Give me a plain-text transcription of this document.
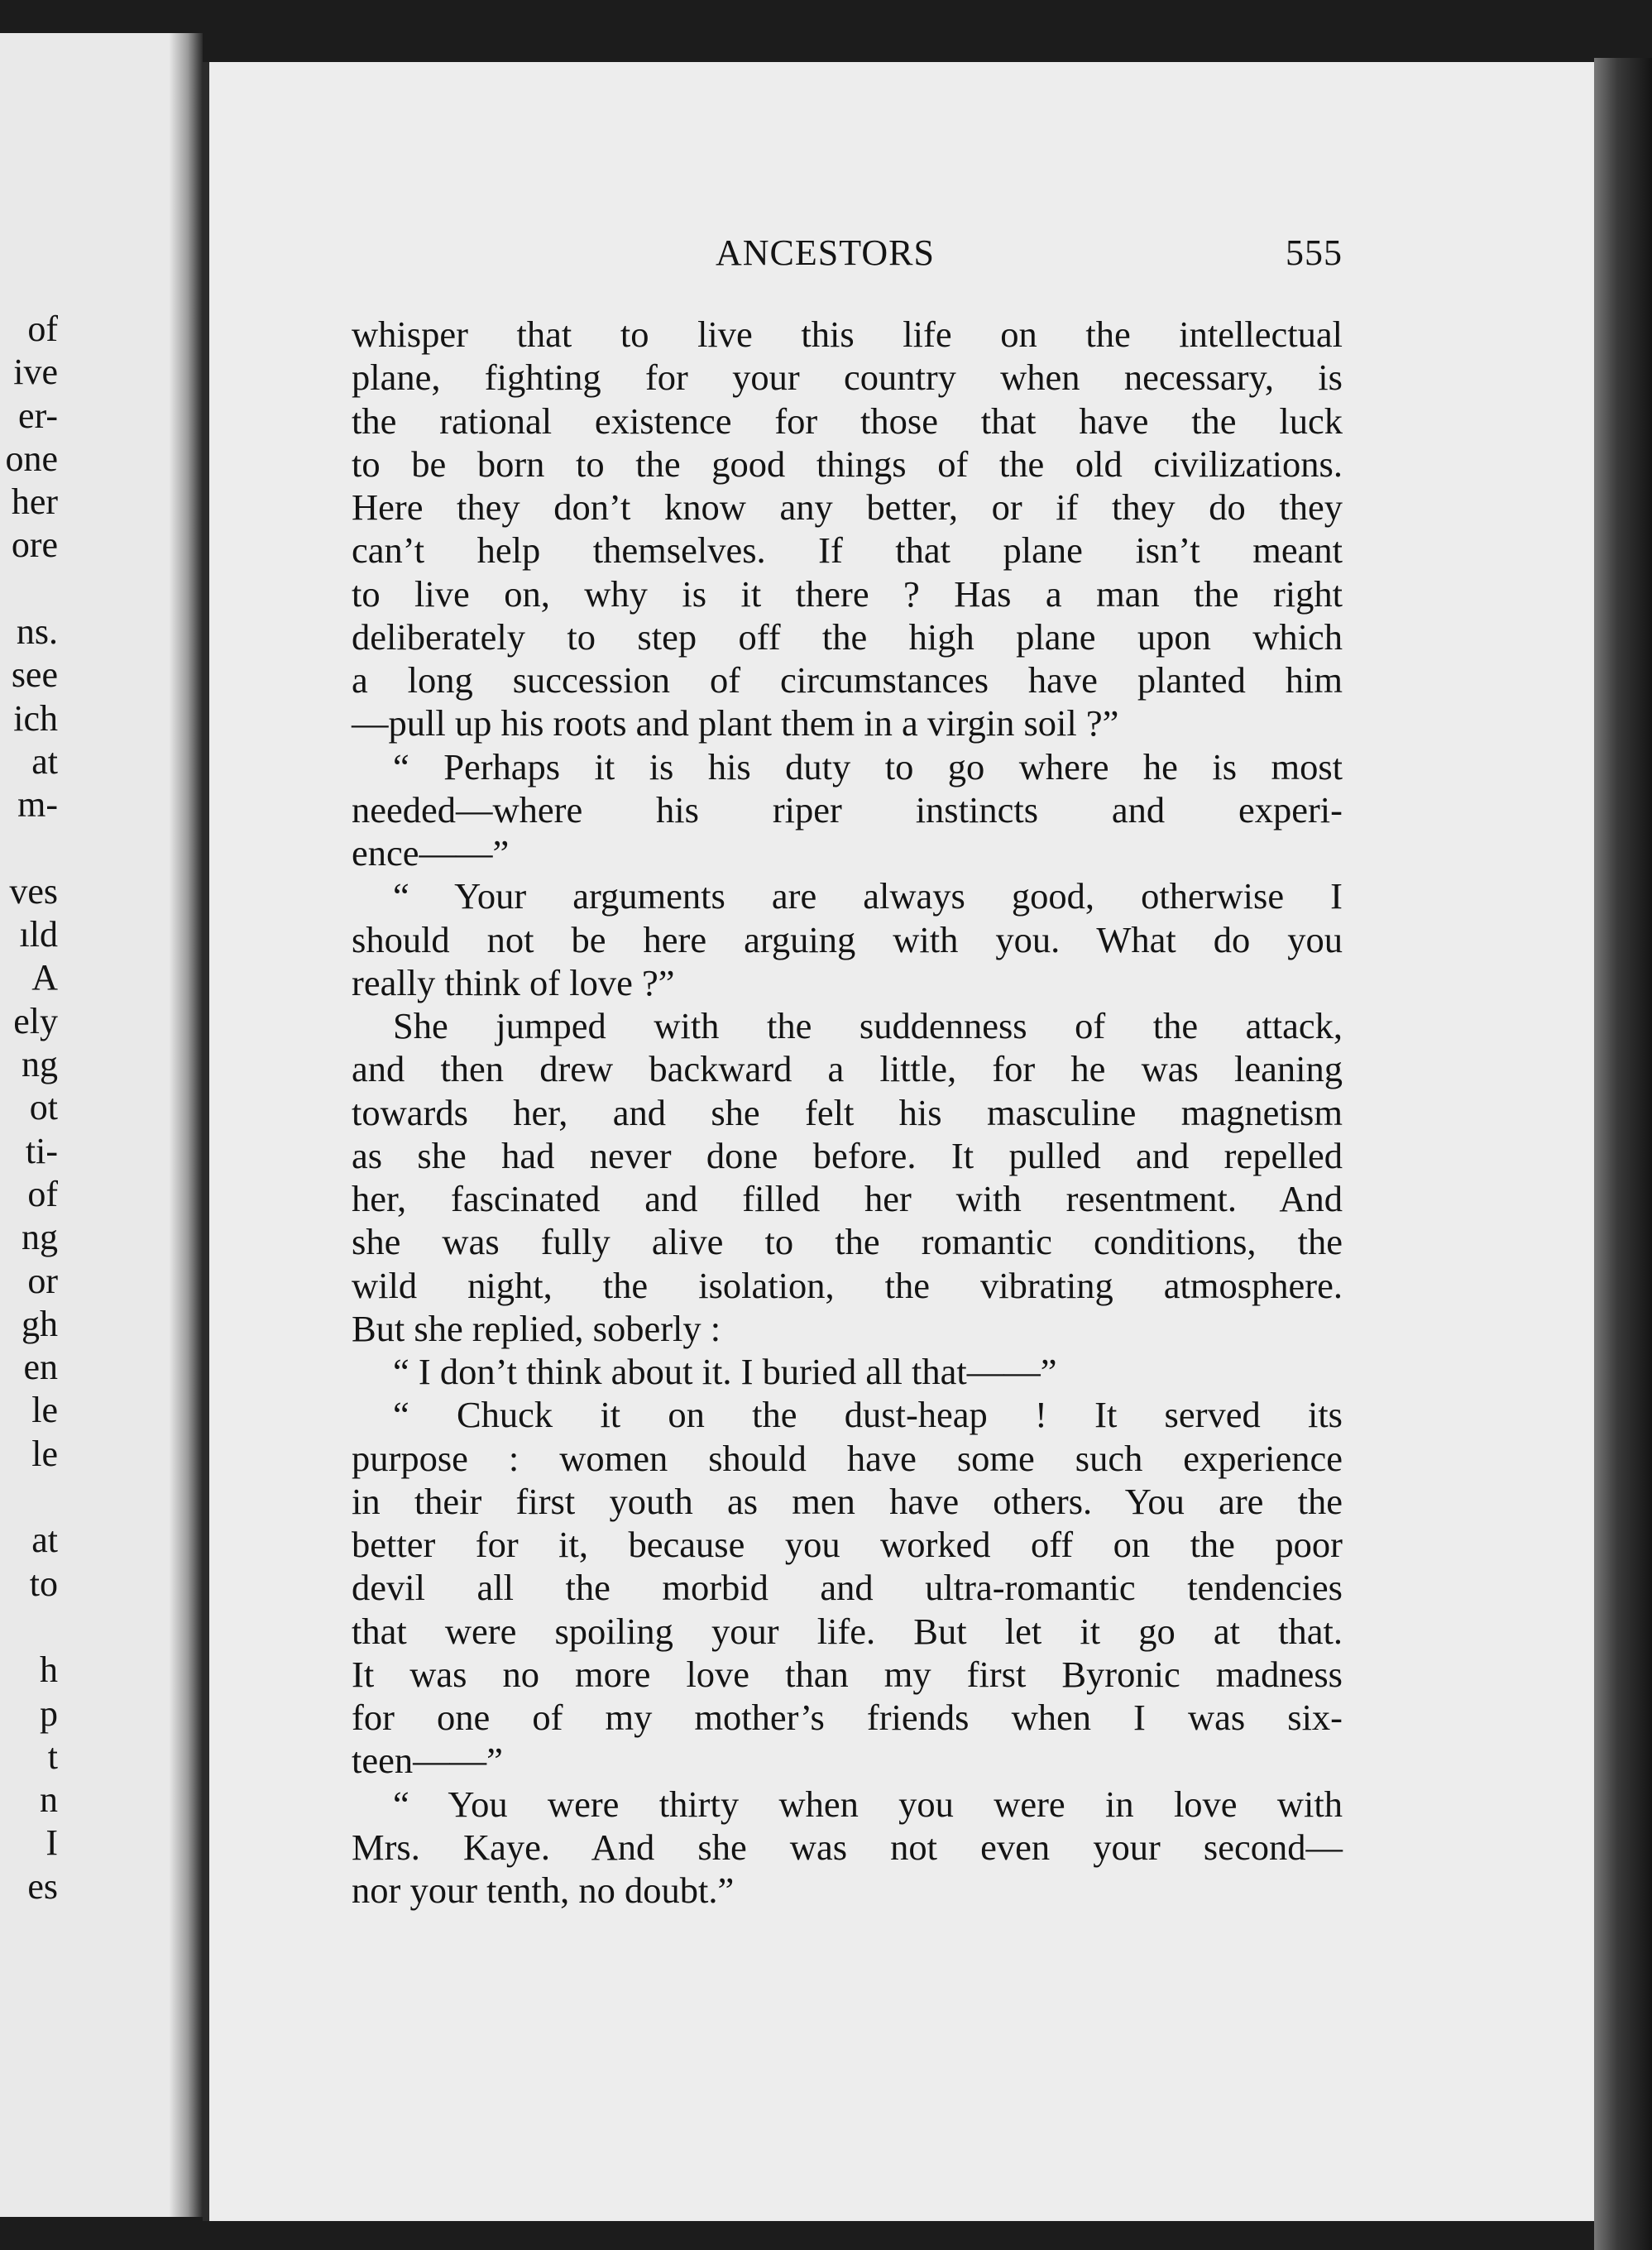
of
ive
er-
one
her
ore
ns.
see
ich
at
m-
ves
ıld
A
ely
ng
ot
ti-
of
ng
or
gh
en
le
le
at
to
h
p
t
n
I
es
ANCESTORS	555
whisper that to live this life on the intellectual
plane, fighting for your country when necessary, is
the rational existence for those that have the luck
to be born to the good things of the old civilizations.
Here they don’t know any better, or if they do they
can’t help themselves. If that plane isn’t meant
to live on, why is it there ? Has a man the right
deliberately to step off the high plane upon which
a long succession of circumstances have planted him
—pull up his roots and plant them in a virgin soil ?”
“ Perhaps it is his duty to go where he is most
needed—where his riper instincts and experi-
ence——”
“ Your arguments are always good, otherwise I
should not be here arguing with you. What do you
really think of love ?”
She jumped with the suddenness of the attack,
and then drew backward a little, for he was leaning
towards her, and she felt his masculine magnetism
as she had never done before. It pulled and repelled
her, fascinated and filled her with resentment. And
she was fully alive to the romantic conditions, the
wild night, the isolation, the vibrating atmosphere.
But she replied, soberly :
“ I don’t think about it. I buried all that——”
“ Chuck it on the dust-heap ! It served its
purpose : women should have some such experience
in their first youth as men have others. You are the
better for it, because you worked off on the poor
devil all the morbid and ultra-romantic tendencies
that were spoiling your life. But let it go at that.
It was no more love than my first Byronic madness
for one of my mother’s friends when I was six-
teen——”
“ You were thirty when you were in love with
Mrs. Kaye. And she was not even your second—
nor your tenth, no doubt.”
